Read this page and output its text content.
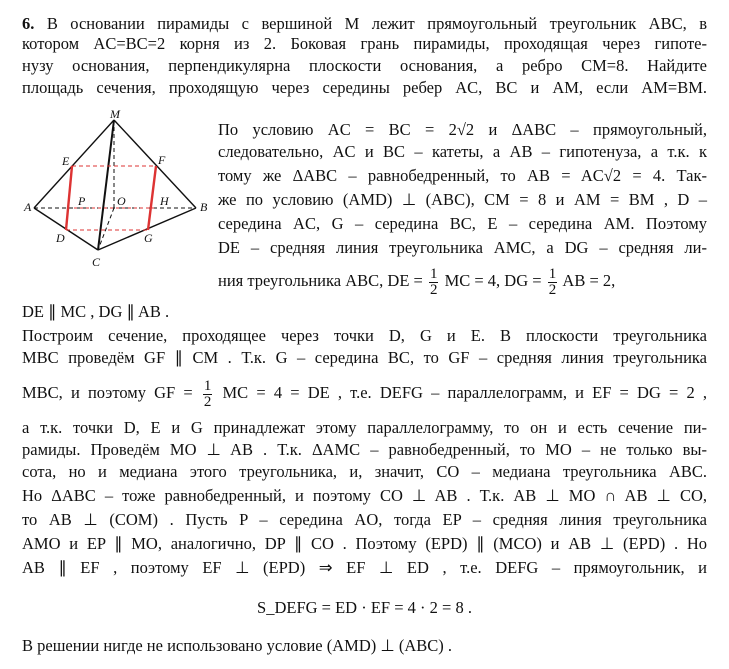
6. В основании пирамиды с вершиной M лежит прямоугольный треугольник ABC, в
котором AC=BC=2 корня из 2. Боковая грань пирамиды, проходящая через гипоте-
нузу основания, перпендикулярна плоскости основания, а ребро CM=8. Найдите
площадь сечения, проходящую через середины ребер AC, BC и AM, если AM=BM.
M
E	F
A	P	O	H	B
D	G
C
По условию AC = BC = 2√2 и ΔABC – прямоугольный,
следовательно, AC и BC – катеты, а AB – гипотенуза, а т.к. к
тому же ΔABC – равнобедренный, то AB = AC√2 = 4. Так-
же по условию (AMD) ⊥ (ABC), CM = 8 и AM = BM , D –
середина AC, G – середина BC, E – середина AM. Поэтому
DE – средняя линия треугольника AMC, а DG – средняя ли-
ния треугольника ABC, DE = $\frac{1}{2}$ MC = 4, DG = $\frac{1}{2}$ AB = 2,
DE ∥ MC , DG ∥ AB .
Построим сечение, проходящее через точки D, G и E. В плоскости треугольника
MBC проведём GF ∥ CM . Т.к. G – середина BC, то GF – средняя линия треугольника
MBC, и поэтому GF = $\frac{1}{2}$ MC = 4 = DE , т.е. DEFG – параллелограмм, и EF = DG = 2 ,
а т.к. точки D, E и G принадлежат этому параллелограмму, то он и есть сечение пи-
рамиды. Проведём MO ⊥ AB . Т.к. ΔAMC – равнобедренный, то MO – не только вы-
сота, но и медиана этого треугольника, и, значит, CO – медиана треугольника ABC.
Но ΔABC – тоже равнобедренный, и поэтому CO ⊥ AB . Т.к. AB ⊥ MO ∩ AB ⊥ CO,
то AB ⊥ (COM) . Пусть P – середина AO, тогда EP – средняя линия треугольника
AMO и EP ∥ MO, аналогично, DP ∥ CO . Поэтому (EPD) ∥ (MCO) и AB ⊥ (EPD) . Но
AB ∥ EF , поэтому EF ⊥ (EPD) ⇒ EF ⊥ ED , т.е. DEFG – прямоугольник, и
S_DEFG = ED · EF = 4 · 2 = 8 .
В решении нигде не использовано условие (AMD) ⊥ (ABC) .
